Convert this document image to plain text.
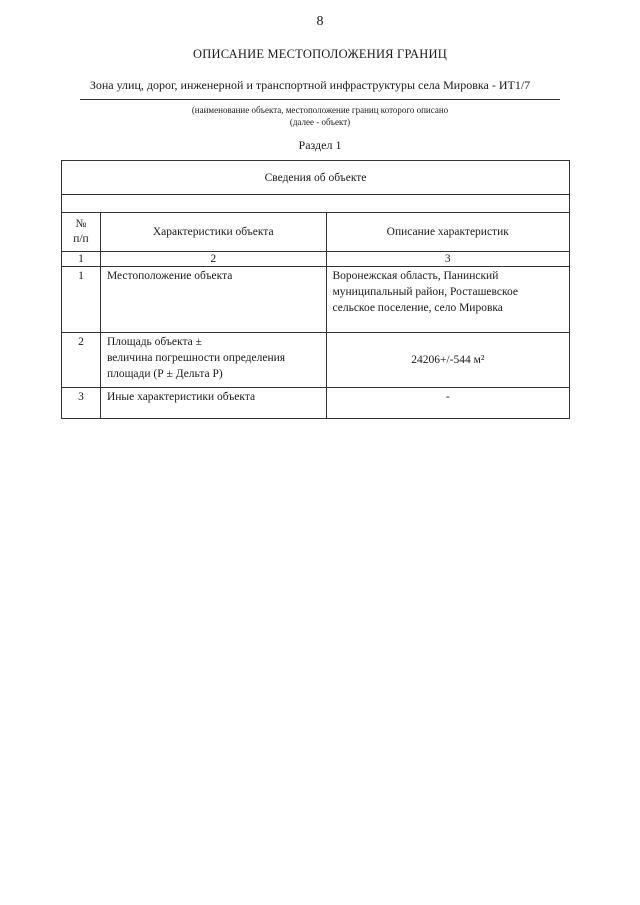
8
ОПИСАНИЕ МЕСТОПОЛОЖЕНИЯ ГРАНИЦ
Зона улиц, дорог, инженерной и транспортной инфраструктуры села Мировка - ИТ1/7
(наименование объекта, местоположение границ которого описано
(далее - объект)
Раздел 1
Сведения об объекте		

№
п/п	Характеристики объекта	Описание характеристик
1	2	3
1	Местоположение объекта	Воронежская область, Панинский
муниципальный район, Росташевское
сельское поселение, село Мировка

2	Площадь объекта ±
величина погрешности определения
площади (Р ± Дельта Р)	24206+/-544 м²

3	Иные характеристики объекта	-
